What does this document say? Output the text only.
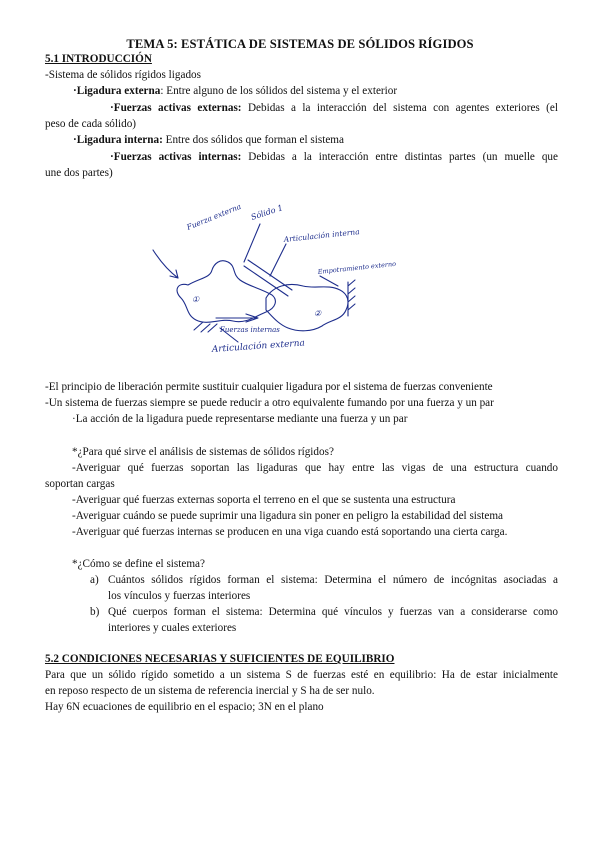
TEMA 5: ESTÁTICA DE SISTEMAS DE SÓLIDOS RÍGIDOS
5.1 INTRODUCCIÓN
-Sistema de sólidos rígidos ligados
·Ligadura externa: Entre alguno de los sólidos del sistema y el exterior
·Fuerzas activas externas: Debidas a la interacción del sistema con agentes exteriores (el
peso de cada sólido)
·Ligadura interna: Entre dos sólidos que forman el sistema
·Fuerzas activas internas: Debidas a la interacción entre distintas partes (un muelle que
une dos partes)
Fuerza externa Sólido 1
Articulación interna
Empotramiento externo
Fuerzas internas
Articulación externa
①
②
-El principio de liberación permite sustituir cualquier ligadura por el sistema de fuerzas conveniente
-Un sistema de fuerzas siempre se puede reducir a otro equivalente fumando por una fuerza y un par
·La acción de la ligadura puede representarse mediante una fuerza y un par
*¿Para qué sirve el análisis de sistemas de sólidos rígidos?
-Averiguar qué fuerzas soportan las ligaduras que hay entre las vigas de una estructura cuando
soportan cargas
-Averiguar qué fuerzas externas soporta el terreno en el que se sustenta una estructura
-Averiguar cuándo se puede suprimir una ligadura sin poner en peligro la estabilidad del sistema
-Averiguar qué fuerzas internas se producen en una viga cuando está soportando una cierta carga.
*¿Cómo se define el sistema?
a) Cuántos sólidos rígidos forman el sistema: Determina el número de incógnitas asociadas a
los vínculos y fuerzas interiores
b) Qué cuerpos forman el sistema: Determina qué vínculos y fuerzas van a considerarse como
interiores y cuales exteriores
5.2 CONDICIONES NECESARIAS Y SUFICIENTES DE EQUILIBRIO
Para que un sólido rígido sometido a un sistema S de fuerzas esté en equilibrio: Ha de estar inicialmente
en reposo respecto de un sistema de referencia inercial y S ha de ser nulo.
Hay 6N ecuaciones de equilibrio en el espacio; 3N en el plano
